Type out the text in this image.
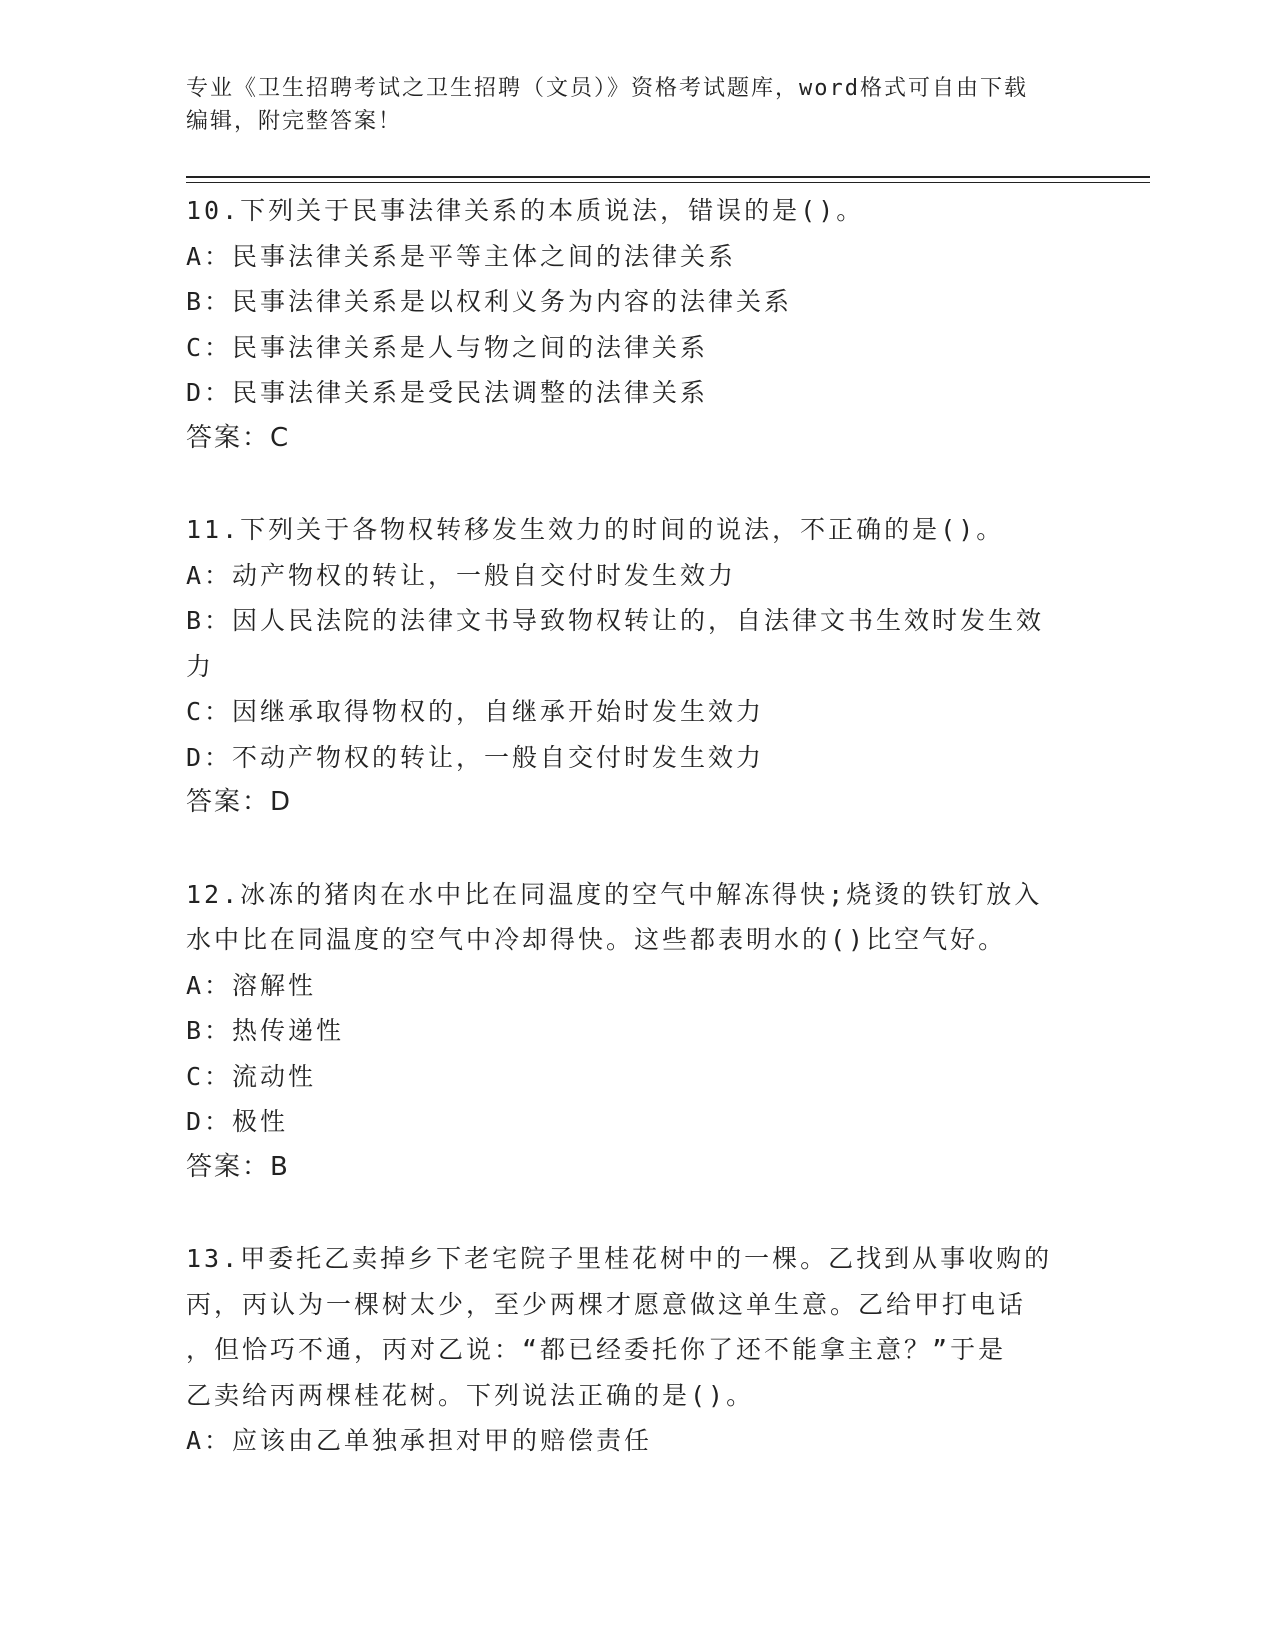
专业《卫生招聘考试之卫生招聘（文员）》资格考试题库，word格式可自由下载
编辑，附完整答案！

10.下列关于民事法律关系的本质说法，错误的是()。

A：民事法律关系是平等主体之间的法律关系

B：民事法律关系是以权利义务为内容的法律关系

C：民事法律关系是人与物之间的法律关系

D：民事法律关系是受民法调整的法律关系

答案：C

11.下列关于各物权转移发生效力的时间的说法，不正确的是()。

A：动产物权的转让，一般自交付时发生效力

B：因人民法院的法律文书导致物权转让的，自法律文书生效时发生效

力

C：因继承取得物权的，自继承开始时发生效力

D：不动产物权的转让，一般自交付时发生效力

答案：D

12.冰冻的猪肉在水中比在同温度的空气中解冻得快;烧烫的铁钉放入

水中比在同温度的空气中冷却得快。这些都表明水的()比空气好。

A：溶解性

B：热传递性

C：流动性

D：极性

答案：B

13.甲委托乙卖掉乡下老宅院子里桂花树中的一棵。乙找到从事收购的

丙，丙认为一棵树太少，至少两棵才愿意做这单生意。乙给甲打电话

，但恰巧不通，丙对乙说：“都已经委托你了还不能拿主意？”于是

乙卖给丙两棵桂花树。下列说法正确的是()。

A：应该由乙单独承担对甲的赔偿责任
